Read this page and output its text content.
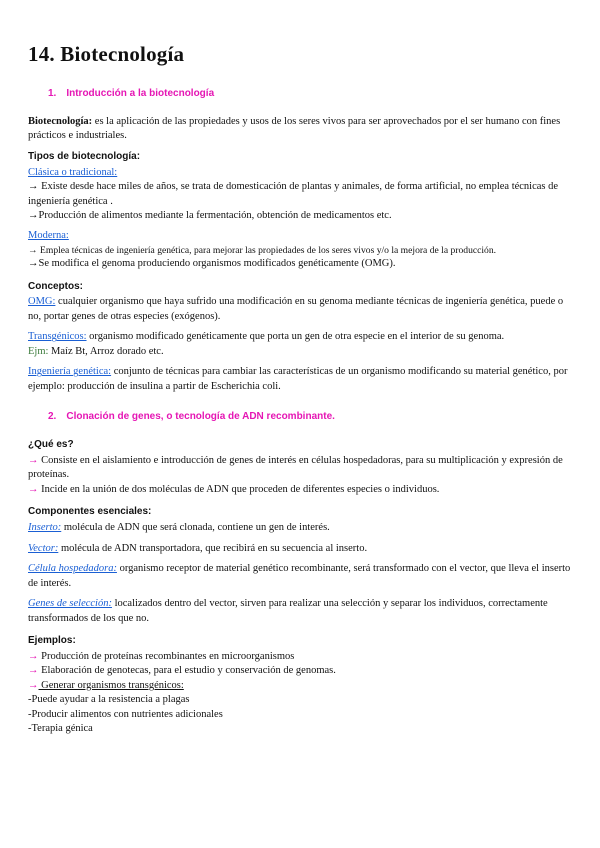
14. Biotecnología
1. Introducción a la biotecnología

Biotecnología: es la aplicación de las propiedades y usos de los seres vivos para ser aprovechados por el ser humano con fines prácticos e industriales.

Tipos de biotecnología:
Clásica o tradicional:
→ Existe desde hace miles de años, se trata de domesticación de plantas y animales, de forma artificial, no emplea técnicas de ingeniería genética .
→Producción de alimentos mediante la fermentación, obtención de medicamentos etc.
Moderna:
→ Emplea técnicas de ingeniería genética, para mejorar las propiedades de los seres vivos y/o la mejora de la producción.
→Se modifica el genoma produciendo organismos modificados genéticamente (OMG).
Conceptos:

OMG: cualquier organismo que haya sufrido una modificación en su genoma mediante técnicas de ingeniería genética, puede o no, portar genes de otras especies (exógenos).

Transgénicos: organismo modificado genéticamente que porta un gen de otra especie en el interior de su genoma.

Ejm: Maíz Bt, Arroz dorado etc.

Ingeniería genética: conjunto de técnicas para cambiar las características de un organismo modificando su material genético, por ejemplo: producción de insulina a partir de Escherichia coli.

2. Clonación de genes, o tecnología de ADN recombinante.
¿Qué es?
→ Consiste en el aislamiento e introducción de genes de interés en células hospedadoras, para su multiplicación y expresión de proteínas.
→ Incide en la unión de dos moléculas de ADN que proceden de diferentes especies o individuos.
Componentes esenciales:

Inserto: molécula de ADN que será clonada, contiene un gen de interés.

Vector: molécula de ADN transportadora, que recibirá en su secuencia al inserto.

Célula hospedadora: organismo receptor de material genético recombinante, será transformado con el vector, que lleva el inserto de interés.

Genes de selección: localizados dentro del vector, sirven para realizar una selección y separar los individuos, correctamente transformados de los que no.

Ejemplos:
→ Producción de proteínas recombinantes en microorganismos
→ Elaboración de genotecas, para el estudio y conservación de genomas.
→ Generar organismos transgénicos:
-Puede ayudar a la resistencia a plagas
-Producir alimentos con nutrientes adicionales
-Terapia génica
